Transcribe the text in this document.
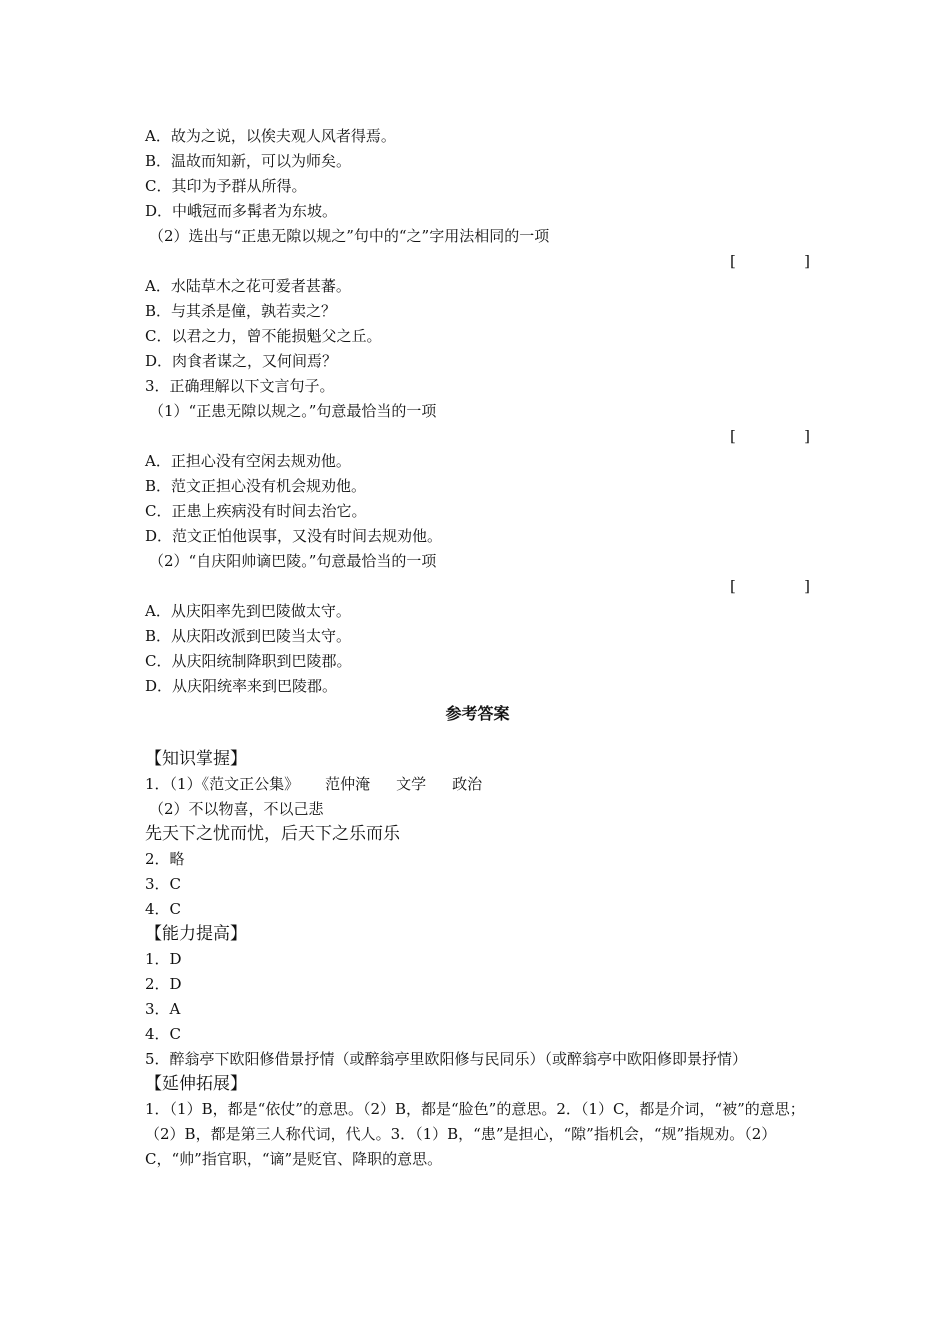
A．故为之说，以俟夫观人风者得焉。
B．温故而知新，可以为师矣。
C．其印为予群从所得。
D．中峨冠而多髯者为东坡。
（2）选出与“正患无隙以规之”句中的“之”字用法相同的一项
[	]
A．水陆草木之花可爱者甚蕃。
B．与其杀是僮，孰若卖之？
C．以君之力，曾不能损魁父之丘。
D．肉食者谋之，又何间焉？
3．正确理解以下文言句子。
（1）“正患无隙以规之。”句意最恰当的一项
[	]
A．正担心没有空闲去规劝他。
B．范文正担心没有机会规劝他。
C．正患上疾病没有时间去治它。
D．范文正怕他误事，又没有时间去规劝他。
（2）“自庆阳帅谪巴陵。”句意最恰当的一项
[	]
A．从庆阳率先到巴陵做太守。
B．从庆阳改派到巴陵当太守。
C．从庆阳统制降职到巴陵郡。
D．从庆阳统率来到巴陵郡。
参考答案
【知识掌握】
1．（1）《范文正公集》 范仲淹 文学 政治
（2）不以物喜，不以己悲
先天下之忧而忧，后天下之乐而乐
2．略
3．C
4．C
【能力提高】
1．D
2．D
3．A
4．C
5．醉翁亭下欧阳修借景抒情（或醉翁亭里欧阳修与民同乐）（或醉翁亭中欧阳修即景抒情）
【延伸拓展】
1．（1）B，都是“依仗”的意思。（2）B，都是“脸色”的意思。2．（1）C，都是介词，“被”的意思；（2）B，都是第三人称代词，代人。3．（1）B，“患”是担心，“隙”指机会，“规”指规劝。（2）C，“帅”指官职，“谪”是贬官、降职的意思。
